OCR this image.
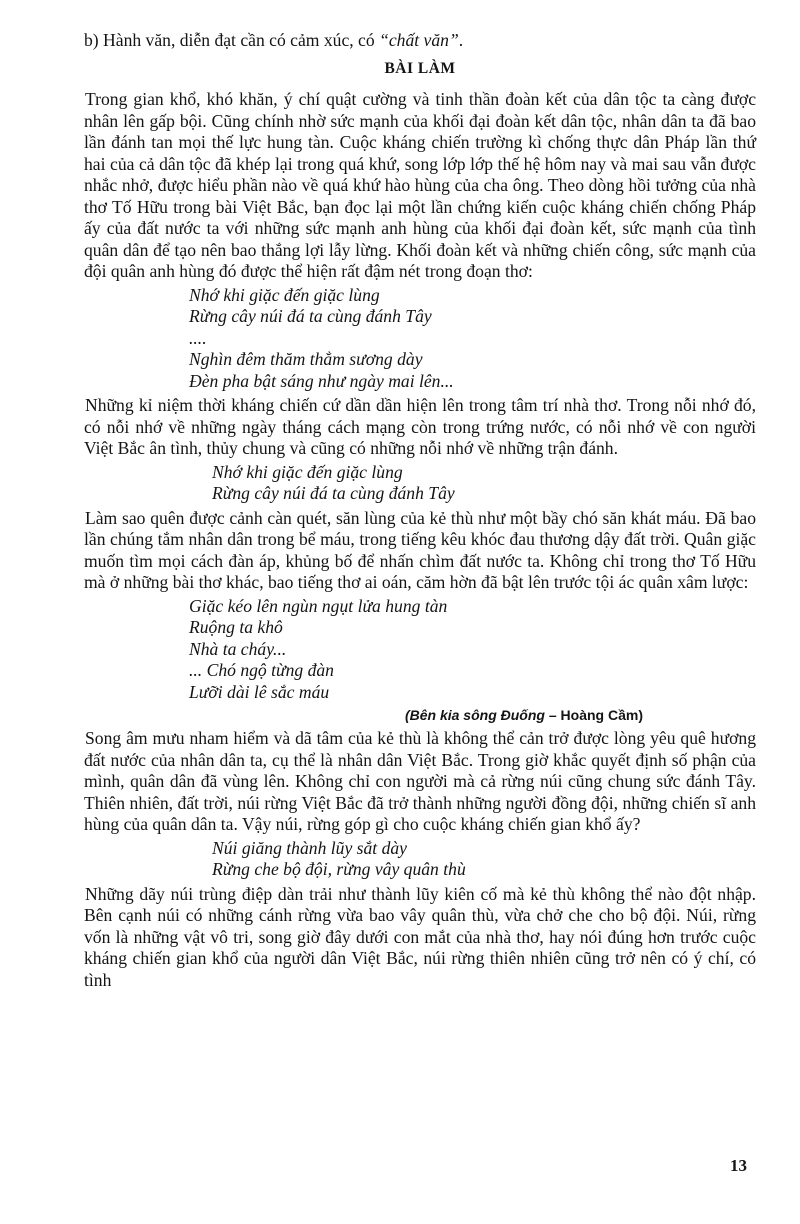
b) Hành văn, diễn đạt cần có cảm xúc, có “chất văn”.

BÀI LÀM

Trong gian khổ, khó khăn, ý chí quật cường và tinh thần đoàn kết của dân tộc ta càng được nhân lên gấp bội. Cũng chính nhờ sức mạnh của khối đại đoàn kết dân tộc, nhân dân ta đã bao lần đánh tan mọi thế lực hung tàn. Cuộc kháng chiến trường kì chống thực dân Pháp lần thứ hai của cả dân tộc đã khép lại trong quá khứ, song lớp lớp thế hệ hôm nay và mai sau vẫn được nhắc nhở, được hiểu phần nào về quá khứ hào hùng của cha ông. Theo dòng hồi tưởng của nhà thơ Tố Hữu trong bài Việt Bắc, bạn đọc lại một lần chứng kiến cuộc kháng chiến chống Pháp ấy của đất nước ta với những sức mạnh anh hùng của khối đại đoàn kết, sức mạnh của tình quân dân để tạo nên bao thắng lợi lẫy lừng. Khối đoàn kết và những chiến công, sức mạnh của đội quân anh hùng đó được thể hiện rất đậm nét trong đoạn thơ:

Nhớ khi giặc đến giặc lùng
Rừng cây núi đá ta cùng đánh Tây
....
Nghìn đêm thăm thẳm sương dày
Đèn pha bật sáng như ngày mai lên...

Những kỉ niệm thời kháng chiến cứ dần dần hiện lên trong tâm trí nhà thơ. Trong nỗi nhớ đó, có nỗi nhớ về những ngày tháng cách mạng còn trong trứng nước, có nỗi nhớ về con người Việt Bắc ân tình, thủy chung và cũng có những nỗi nhớ về những trận đánh.

Nhớ khi giặc đến giặc lùng
Rừng cây núi đá ta cùng đánh Tây

Làm sao quên được cảnh càn quét, săn lùng của kẻ thù như một bầy chó săn khát máu. Đã bao lần chúng tắm nhân dân trong bể máu, trong tiếng kêu khóc đau thương dậy đất trời. Quân giặc muốn tìm mọi cách đàn áp, khủng bố để nhấn chìm đất nước ta. Không chỉ trong thơ Tố Hữu mà ở những bài thơ khác, bao tiếng thơ ai oán, căm hờn đã bật lên trước tội ác quân xâm lược:

Giặc kéo lên ngùn ngụt lửa hung tàn
Ruộng ta khô
Nhà ta cháy...
... Chó ngộ từng đàn
Lưỡi dài lê sắc máu
(Bên kia sông Đuống – Hoàng Cầm)

Song âm mưu nham hiểm và dã tâm của kẻ thù là không thể cản trở được lòng yêu quê hương đất nước của nhân dân ta, cụ thể là nhân dân Việt Bắc. Trong giờ khắc quyết định số phận của mình, quân dân đã vùng lên. Không chỉ con người mà cả rừng núi cũng chung sức đánh Tây. Thiên nhiên, đất trời, núi rừng Việt Bắc đã trở thành những người đồng đội, những chiến sĩ anh hùng của quân dân ta. Vậy núi, rừng góp gì cho cuộc kháng chiến gian khổ ấy?

Núi giăng thành lũy sắt dày
Rừng che bộ đội, rừng vây quân thù

Những dãy núi trùng điệp dàn trải như thành lũy kiên cố mà kẻ thù không thể nào đột nhập. Bên cạnh núi có những cánh rừng vừa bao vây quân thù, vừa chở che cho bộ đội. Núi, rừng vốn là những vật vô tri, song giờ đây dưới con mắt của nhà thơ, hay nói đúng hơn trước cuộc kháng chiến gian khổ của người dân Việt Bắc, núi rừng thiên nhiên cũng trở nên có ý chí, có tình

13
